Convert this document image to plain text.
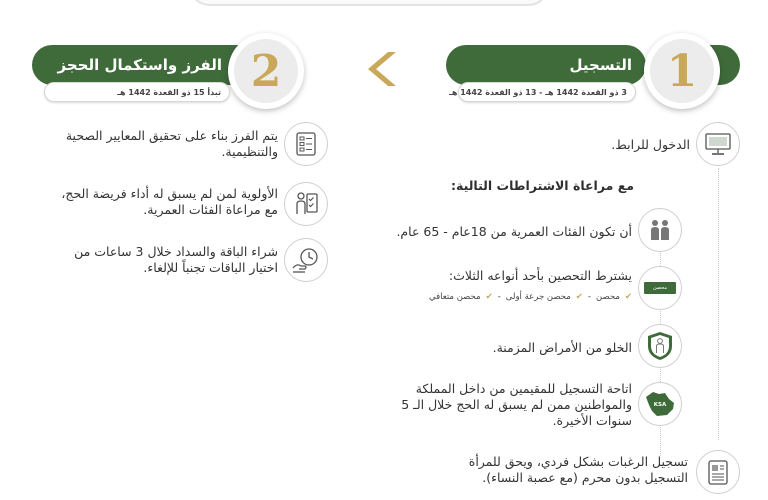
الفرز واستكمال الحجز 2
تبدأ 15 ذو القعدة 1442 هـ
التسجيل 1
3 ذو القعدة 1442 هـ - 13 ذو القعدة 1442 هـ
يتم الفرز بناء على تحقيق المعايير الصحية والتنظيمية.
الأولوية لمن لم يسبق له أداء فريضة الحج، مع مراعاة الفئات العمرية.
شراء الباقة والسداد خلال 3 ساعات من اختيار الباقات تجنباً للإلغاء.
الدخول للرابط.
مع مراعاة الاشتراطات التالية:
أن تكون الفئات العمرية من 18عام - 65 عام.
محصن
يشترط التحصين بأحد أنواعه الثلاث:
✔
محصن
-
✔
محصن جرعة أولى
-
✔
محصن متعافي
الخلو من الأمراض المزمنة.
KSA
اتاحة التسجيل للمقيمين من داخل المملكة والمواطنين ممن لم يسبق له الحج خلال الـ 5 سنوات الأخيرة.
تسجيل الرغبات بشكل فردي، ويحق للمرأة التسجيل بدون محرم (مع عصبة النساء).
